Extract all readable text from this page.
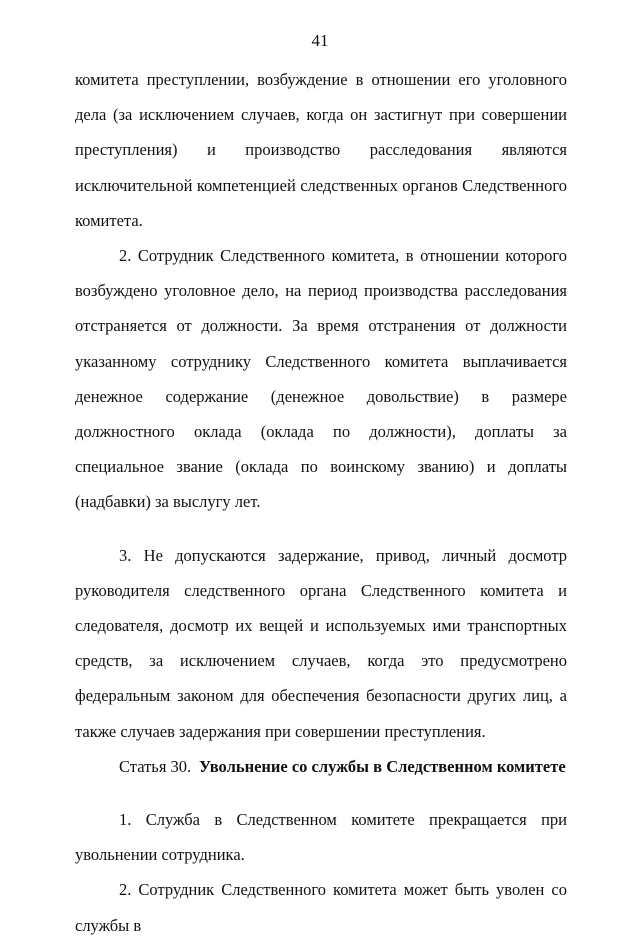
41

комитета преступлении, возбуждение в отношении его уголовного дела (за исключением случаев, когда он застигнут при совершении преступления) и производство расследования являются исключительной компетенцией следственных органов Следственного комитета.

2. Сотрудник Следственного комитета, в отношении которого возбуждено уголовное дело, на период производства расследования отстраняется от должности. За время отстранения от должности указанному сотруднику Следственного комитета выплачивается денежное содержание (денежное довольствие) в размере должностного оклада (оклада по должности), доплаты за специальное звание (оклада по воинскому званию) и доплаты (надбавки) за выслугу лет.

3. Не допускаются задержание, привод, личный досмотр руководителя следственного органа Следственного комитета и следователя, досмотр их вещей и используемых ими транспортных средств, за исключением случаев, когда это предусмотрено федеральным законом для обеспечения безопасности других лиц, а также случаев задержания при совершении преступления.

Статья 30. Увольнение со службы в Следственном комитете

1. Служба в Следственном комитете прекращается при увольнении сотрудника.

2. Сотрудник Следственного комитета может быть уволен со службы в
